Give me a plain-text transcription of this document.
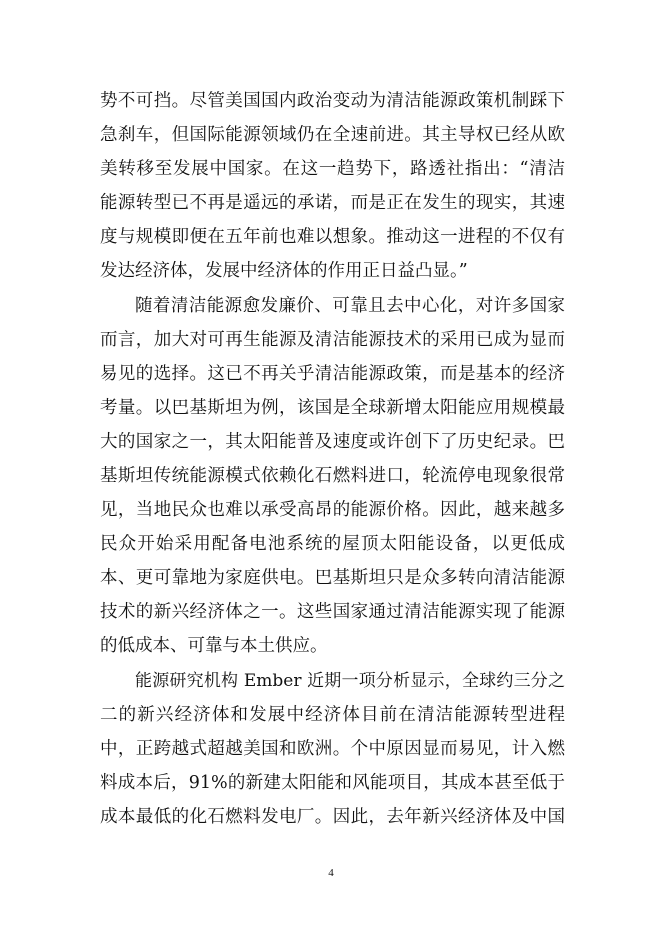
势不可挡。尽管美国国内政治变动为清洁能源政策机制踩下
急刹车，但国际能源领域仍在全速前进。其主导权已经从欧
美转移至发展中国家。在这一趋势下，路透社指出：“清洁
能源转型已不再是遥远的承诺，而是正在发生的现实，其速
度与规模即便在五年前也难以想象。推动这一进程的不仅有
发达经济体，发展中经济体的作用正日益凸显。”
随着清洁能源愈发廉价、可靠且去中心化，对许多国家
而言，加大对可再生能源及清洁能源技术的采用已成为显而
易见的选择。这已不再关乎清洁能源政策，而是基本的经济
考量。以巴基斯坦为例，该国是全球新增太阳能应用规模最
大的国家之一，其太阳能普及速度或许创下了历史纪录。巴
基斯坦传统能源模式依赖化石燃料进口，轮流停电现象很常
见，当地民众也难以承受高昂的能源价格。因此，越来越多
民众开始采用配备电池系统的屋顶太阳能设备，以更低成
本、更可靠地为家庭供电。巴基斯坦只是众多转向清洁能源
技术的新兴经济体之一。这些国家通过清洁能源实现了能源
的低成本、可靠与本土供应。
能源研究机构 Ember 近期一项分析显示，全球约三分之
二的新兴经济体和发展中经济体目前在清洁能源转型进程
中，正跨越式超越美国和欧洲。个中原因显而易见，计入燃
料成本后，91%的新建太阳能和风能项目，其成本甚至低于
成本最低的化石燃料发电厂。因此，去年新兴经济体及中国
4
